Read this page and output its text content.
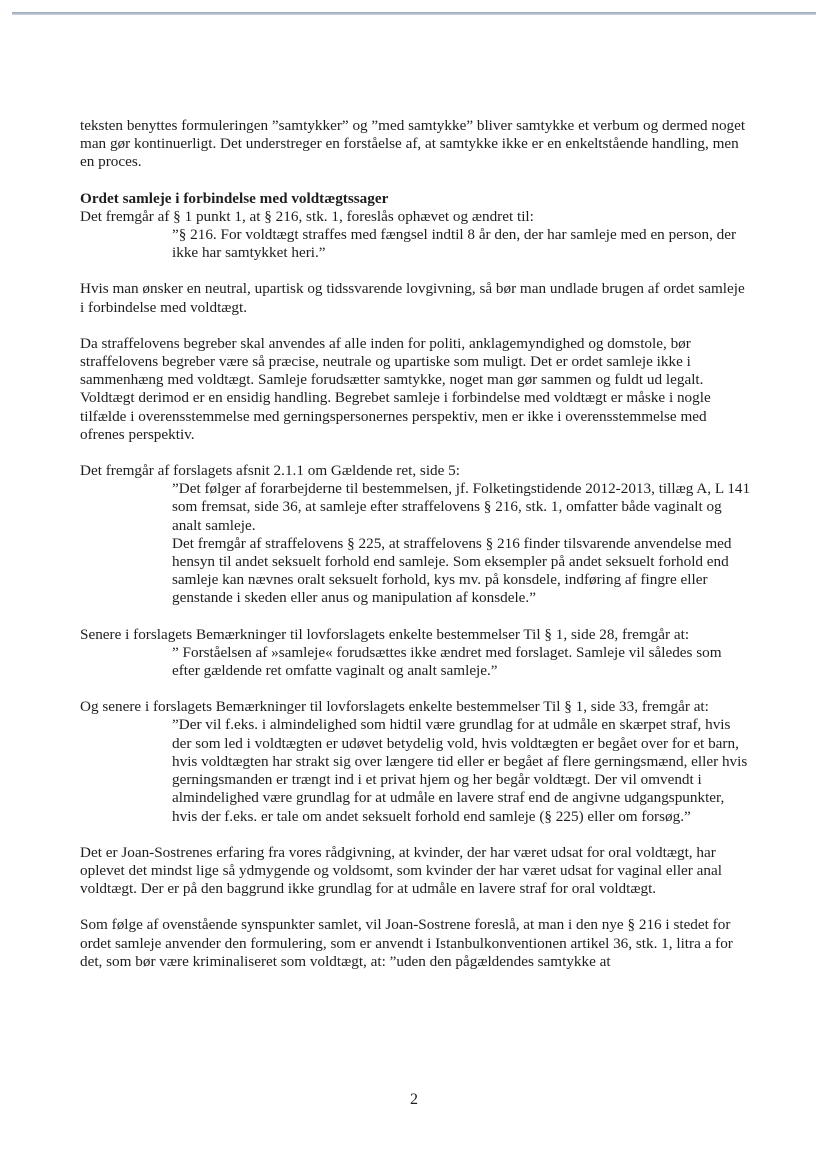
teksten benyttes formuleringen ”samtykker” og ”med samtykke” bliver samtykke et verbum og dermed noget man gør kontinuerligt. Det understreger en forståelse af, at samtykke ikke er en enkeltstående handling, men en proces.

Ordet samleje i forbindelse med voldtægtssager

Det fremgår af § 1 punkt 1, at § 216, stk. 1, foreslås ophævet og ændret til:

”§ 216. For voldtægt straffes med fængsel indtil 8 år den, der har samleje med en person, der ikke har samtykket heri.”

Hvis man ønsker en neutral, upartisk og tidssvarende lovgivning, så bør man undlade brugen af ordet samleje i forbindelse med voldtægt.

Da straffelovens begreber skal anvendes af alle inden for politi, anklagemyndighed og domstole, bør straffelovens begreber være så præcise, neutrale og upartiske som muligt. Det er ordet samleje ikke i sammenhæng med voldtægt. Samleje forudsætter samtykke, noget man gør sammen og fuldt ud legalt. Voldtægt derimod er en ensidig handling. Begrebet samleje i forbindelse med voldtægt er måske i nogle tilfælde i overensstemmelse med gerningspersonernes perspektiv, men er ikke i overensstemmelse med ofrenes perspektiv.

Det fremgår af forslagets afsnit 2.1.1 om Gældende ret, side 5:

”Det følger af forarbejderne til bestemmelsen, jf. Folketingstidende 2012-2013, tillæg A, L 141 som fremsat, side 36, at samleje efter straffelovens § 216, stk. 1, omfatter både vaginalt og analt samleje.

Det fremgår af straffelovens § 225, at straffelovens § 216 finder tilsvarende anvendelse med hensyn til andet seksuelt forhold end samleje. Som eksempler på andet seksuelt forhold end samleje kan nævnes oralt seksuelt forhold, kys mv. på konsdele, indføring af fingre eller genstande i skeden eller anus og manipulation af konsdele.”

Senere i forslagets Bemærkninger til lovforslagets enkelte bestemmelser Til § 1, side 28, fremgår at:

” Forståelsen af »samleje« forudsættes ikke ændret med forslaget. Samleje vil således som efter gældende ret omfatte vaginalt og analt samleje.”

Og senere i forslagets Bemærkninger til lovforslagets enkelte bestemmelser Til § 1, side 33, fremgår at:

”Der vil f.eks. i almindelighed som hidtil være grundlag for at udmåle en skærpet straf, hvis der som led i voldtægten er udøvet betydelig vold, hvis voldtægten er begået over for et barn, hvis voldtægten har strakt sig over længere tid eller er begået af flere gerningsmænd, eller hvis gerningsmanden er trængt ind i et privat hjem og her begår voldtægt. Der vil omvendt i almindelighed være grundlag for at udmåle en lavere straf end de angivne udgangspunkter, hvis der f.eks. er tale om andet seksuelt forhold end samleje (§ 225) eller om forsøg.”

Det er Joan-Sostrenes erfaring fra vores rådgivning, at kvinder, der har været udsat for oral voldtægt, har oplevet det mindst lige så ydmygende og voldsomt, som kvinder der har været udsat for vaginal eller anal voldtægt. Der er på den baggrund ikke grundlag for at udmåle en lavere straf for oral voldtægt.

Som følge af ovenstående synspunkter samlet, vil Joan-Sostrene foreslå, at man i den nye § 216 i stedet for ordet samleje anvender den formulering, som er anvendt i Istanbulkonventionen artikel 36, stk. 1, litra a for det, som bør være kriminaliseret som voldtægt, at: ”uden den pågældendes samtykke at

2
